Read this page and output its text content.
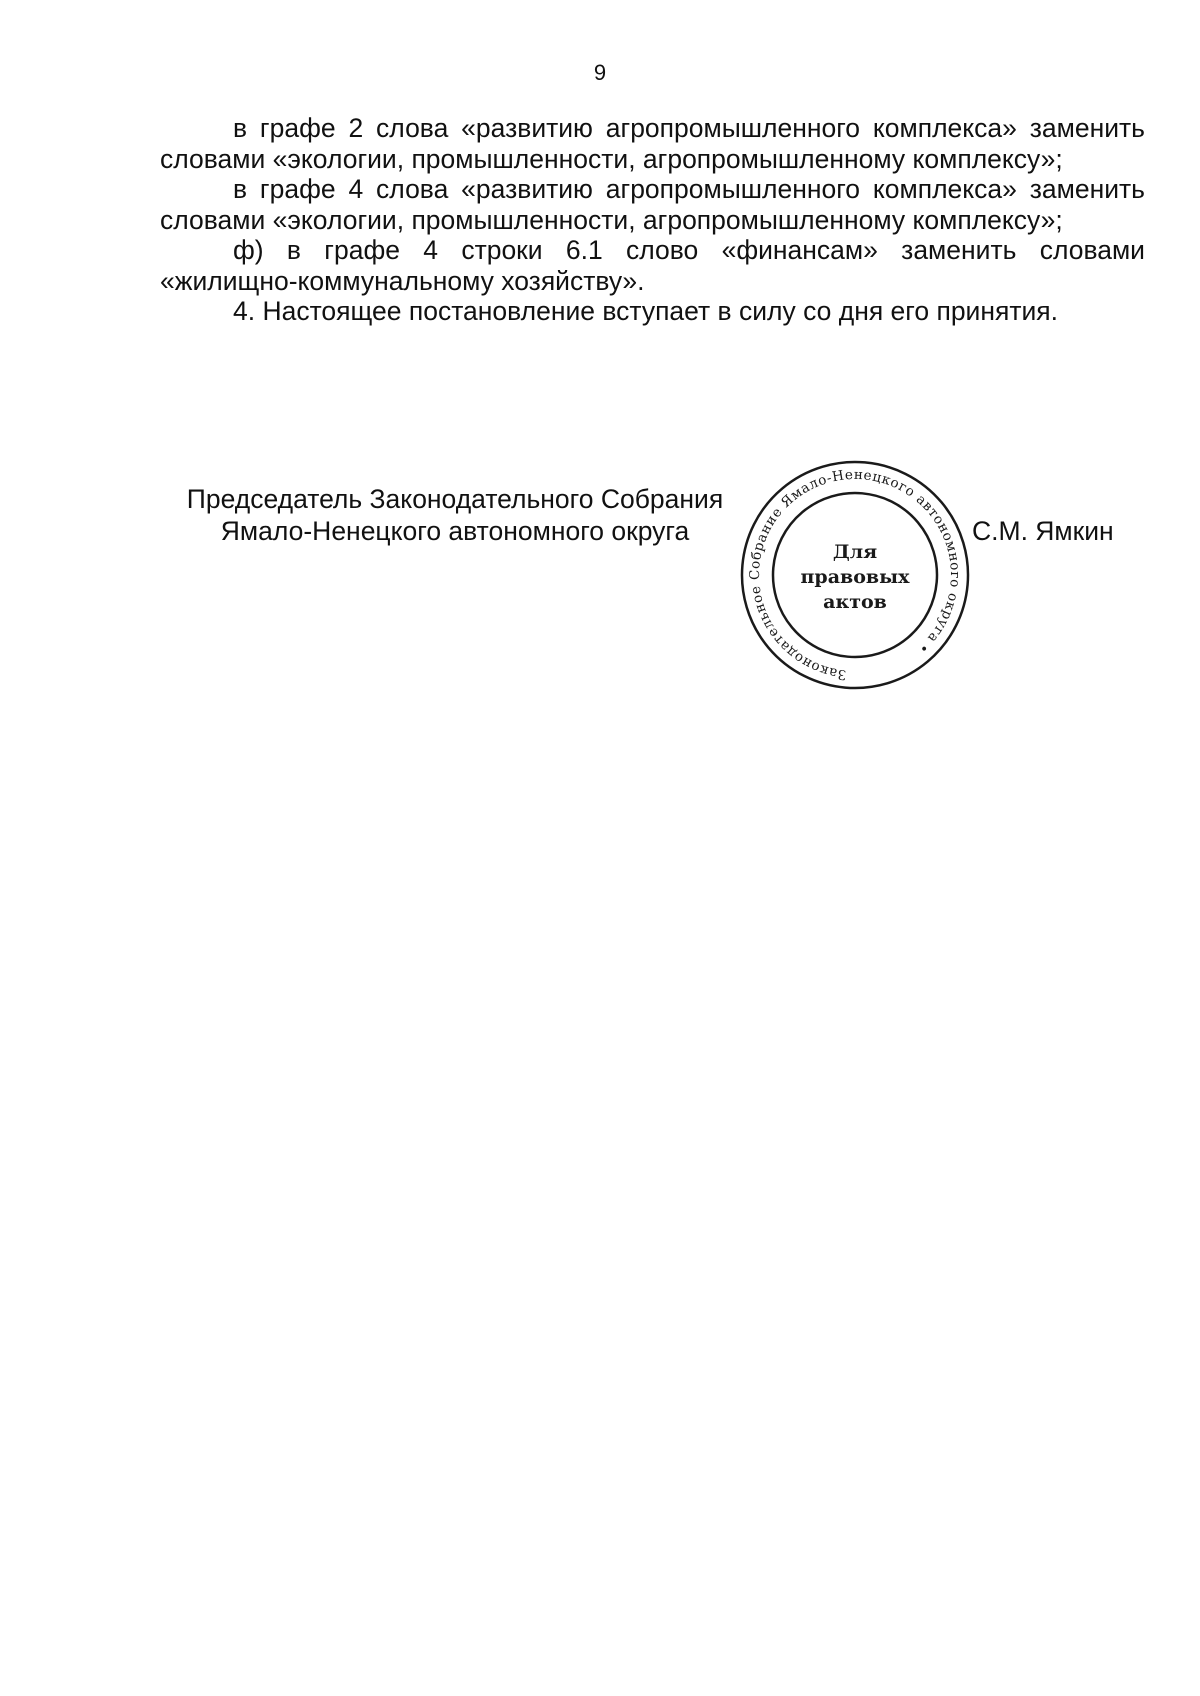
9

в графе 2 слова «развитию агропромышленного комплекса» заменить словами «экологии, промышленности, агропромышленному комплексу»;

в графе 4 слова «развитию агропромышленного комплекса» заменить словами «экологии, промышленности, агропромышленному комплексу»;

ф) в графе 4 строки 6.1 слово «финансам» заменить словами «жилищно-коммунальному хозяйству».

4. Настоящее постановление вступает в силу со дня его принятия.

Председатель Законодательного Собрания
Ямало-Ненецкого автономного округа	С.М. Ямкин
Законодательное Собрание Ямало-Ненецкого автономного округа •
Для
правовых
актов
